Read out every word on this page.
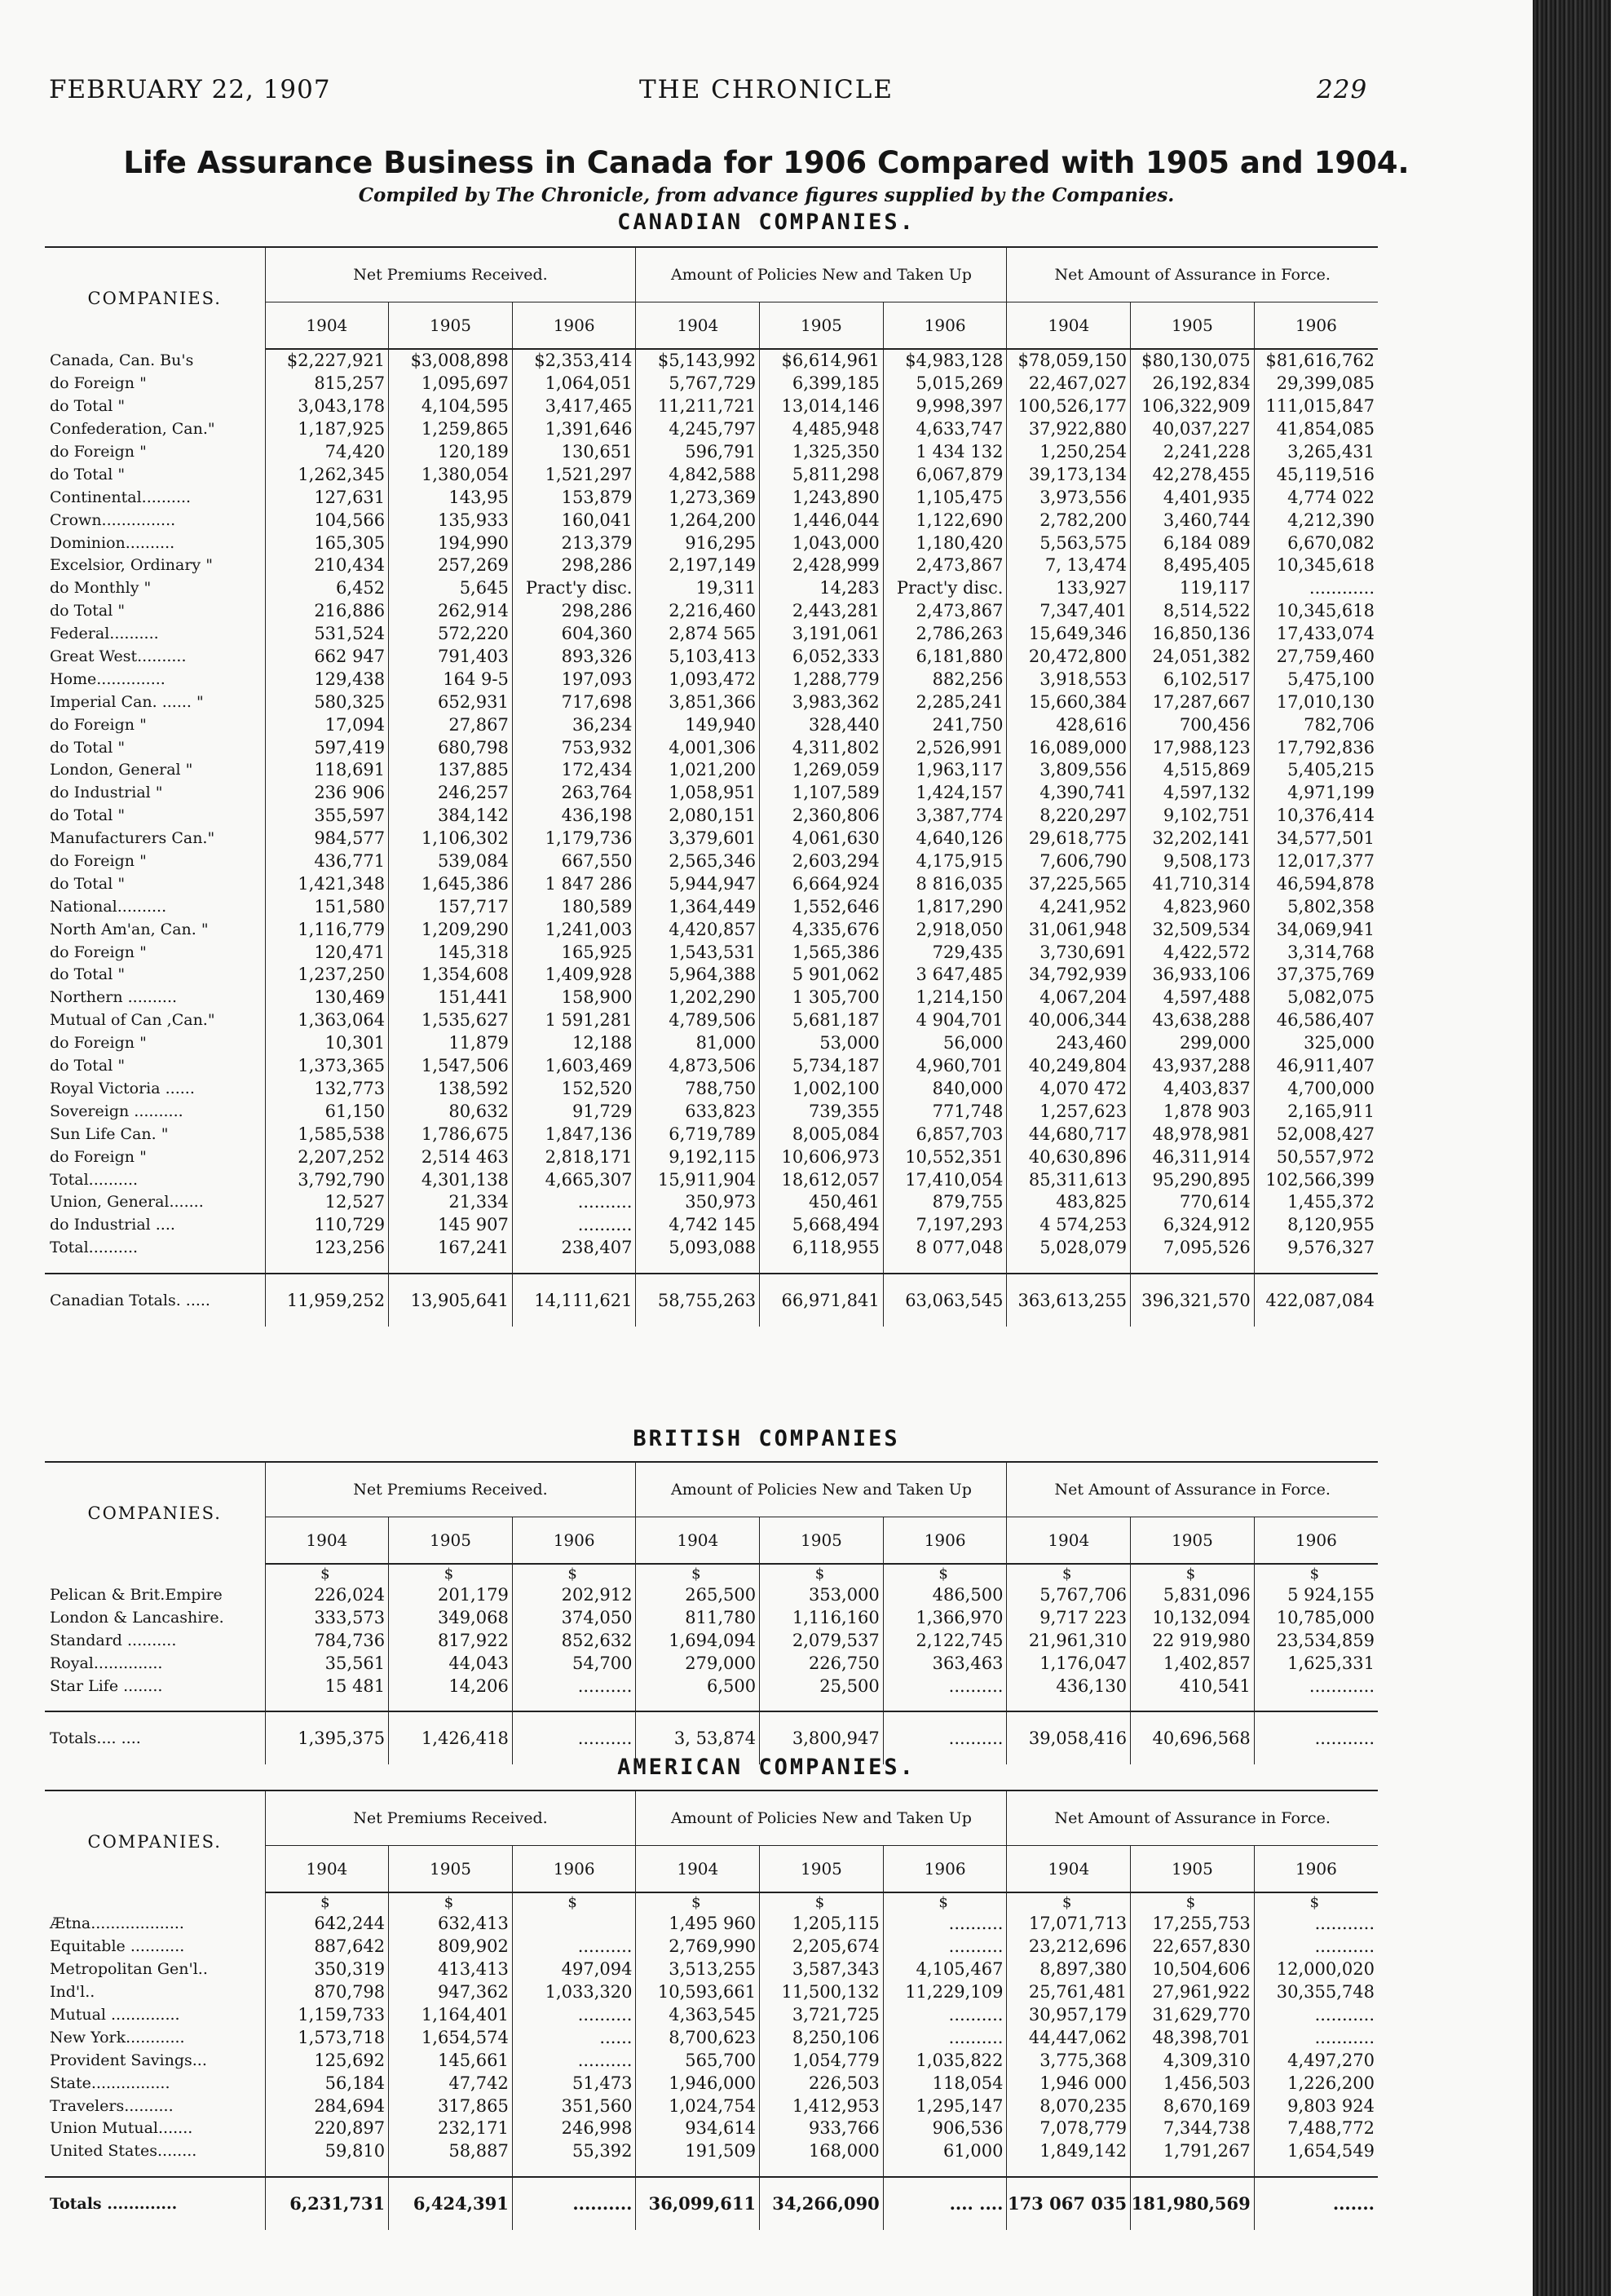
FEBRUARY 22, 1907	THE CHRONICLE	229
Life Assurance Business in Canada for 1906 Compared with 1905 and 1904.
Compiled by The Chronicle, from advance figures supplied by the Companies.
CANADIAN COMPANIES.
COMPANIES.	Net Premiums Received.			Amount of Policies New and Taken Up			Net Amount of Assurance in Force.		
	1904	1905	1906	1904	1905	1906	1904	1905	1906
Canada, Can. Bu's	$2,227,921	$3,008,898	$2,353,414	$5,143,992	$6,614,961	$4,983,128	$78,059,150	$80,130,075	$81,616,762
do Foreign "	815,257	1,095,697	1,064,051	5,767,729	6,399,185	5,015,269	22,467,027	26,192,834	29,399,085
do Total "	3,043,178	4,104,595	3,417,465	11,211,721	13,014,146	9,998,397	100,526,177	106,322,909	111,015,847
Confederation, Can."	1,187,925	1,259,865	1,391,646	4,245,797	4,485,948	4,633,747	37,922,880	40,037,227	41,854,085
do Foreign "	74,420	120,189	130,651	596,791	1,325,350	1 434 132	1,250,254	2,241,228	3,265,431
do Total "	1,262,345	1,380,054	1,521,297	4,842,588	5,811,298	6,067,879	39,173,134	42,278,455	45,119,516
Continental..........	127,631	143,95	153,879	1,273,369	1,243,890	1,105,475	3,973,556	4,401,935	4,774 022
Crown...............	104,566	135,933	160,041	1,264,200	1,446,044	1,122,690	2,782,200	3,460,744	4,212,390
Dominion..........	165,305	194,990	213,379	916,295	1,043,000	1,180,420	5,563,575	6,184 089	6,670,082
Excelsior, Ordinary "	210,434	257,269	298,286	2,197,149	2,428,999	2,473,867	7, 13,474	8,495,405	10,345,618
do Monthly "	6,452	5,645	Pract'y disc.	19,311	14,283	Pract'y disc.	133,927	119,117	............
do Total "	216,886	262,914	298,286	2,216,460	2,443,281	2,473,867	7,347,401	8,514,522	10,345,618
Federal..........	531,524	572,220	604,360	2,874 565	3,191,061	2,786,263	15,649,346	16,850,136	17,433,074
Great West..........	662 947	791,403	893,326	5,103,413	6,052,333	6,181,880	20,472,800	24,051,382	27,759,460
Home..............	129,438	164 9-5	197,093	1,093,472	1,288,779	882,256	3,918,553	6,102,517	5,475,100
Imperial Can. ...... "	580,325	652,931	717,698	3,851,366	3,983,362	2,285,241	15,660,384	17,287,667	17,010,130
do Foreign "	17,094	27,867	36,234	149,940	328,440	241,750	428,616	700,456	782,706
do Total "	597,419	680,798	753,932	4,001,306	4,311,802	2,526,991	16,089,000	17,988,123	17,792,836
London, General "	118,691	137,885	172,434	1,021,200	1,269,059	1,963,117	3,809,556	4,515,869	5,405,215
do Industrial "	236 906	246,257	263,764	1,058,951	1,107,589	1,424,157	4,390,741	4,597,132	4,971,199
do Total "	355,597	384,142	436,198	2,080,151	2,360,806	3,387,774	8,220,297	9,102,751	10,376,414
Manufacturers Can."	984,577	1,106,302	1,179,736	3,379,601	4,061,630	4,640,126	29,618,775	32,202,141	34,577,501
do Foreign "	436,771	539,084	667,550	2,565,346	2,603,294	4,175,915	7,606,790	9,508,173	12,017,377
do Total "	1,421,348	1,645,386	1 847 286	5,944,947	6,664,924	8 816,035	37,225,565	41,710,314	46,594,878
National..........	151,580	157,717	180,589	1,364,449	1,552,646	1,817,290	4,241,952	4,823,960	5,802,358
North Am'an, Can. "	1,116,779	1,209,290	1,241,003	4,420,857	4,335,676	2,918,050	31,061,948	32,509,534	34,069,941
do Foreign "	120,471	145,318	165,925	1,543,531	1,565,386	729,435	3,730,691	4,422,572	3,314,768
do Total "	1,237,250	1,354,608	1,409,928	5,964,388	5 901,062	3 647,485	34,792,939	36,933,106	37,375,769
Northern ..........	130,469	151,441	158,900	1,202,290	1 305,700	1,214,150	4,067,204	4,597,488	5,082,075
Mutual of Can ,Can."	1,363,064	1,535,627	1 591,281	4,789,506	5,681,187	4 904,701	40,006,344	43,638,288	46,586,407
do Foreign "	10,301	11,879	12,188	81,000	53,000	56,000	243,460	299,000	325,000
do Total "	1,373,365	1,547,506	1,603,469	4,873,506	5,734,187	4,960,701	40,249,804	43,937,288	46,911,407
Royal Victoria ......	132,773	138,592	152,520	788,750	1,002,100	840,000	4,070 472	4,403,837	4,700,000
Sovereign ..........	61,150	80,632	91,729	633,823	739,355	771,748	1,257,623	1,878 903	2,165,911
Sun Life Can. "	1,585,538	1,786,675	1,847,136	6,719,789	8,005,084	6,857,703	44,680,717	48,978,981	52,008,427
do Foreign "	2,207,252	2,514 463	2,818,171	9,192,115	10,606,973	10,552,351	40,630,896	46,311,914	50,557,972
Total..........	3,792,790	4,301,138	4,665,307	15,911,904	18,612,057	17,410,054	85,311,613	95,290,895	102,566,399
Union, General.......	12,527	21,334	..........	350,973	450,461	879,755	483,825	770,614	1,455,372
do Industrial ....	110,729	145 907	..........	4,742 145	5,668,494	7,197,293	4 574,253	6,324,912	8,120,955
Total..........	123,256	167,241	238,407	5,093,088	6,118,955	8 077,048	5,028,079	7,095,526	9,576,327

Canadian Totals. .....	11,959,252	13,905,641	14,111,621	58,755,263	66,971,841	63,063,545	363,613,255	396,321,570	422,087,084
BRITISH COMPANIES
COMPANIES.	Net Premiums Received.			Amount of Policies New and Taken Up			Net Amount of Assurance in Force.		
	1904	1905	1906	1904	1905	1906	1904	1905	1906
	$	$	$	$	$	$	$	$	$
Pelican & Brit.Empire	226,024	201,179	202,912	265,500	353,000	486,500	5,767,706	5,831,096	5 924,155
London & Lancashire.	333,573	349,068	374,050	811,780	1,116,160	1,366,970	9,717 223	10,132,094	10,785,000
Standard ..........	784,736	817,922	852,632	1,694,094	2,079,537	2,122,745	21,961,310	22 919,980	23,534,859
Royal..............	35,561	44,043	54,700	279,000	226,750	363,463	1,176,047	1,402,857	1,625,331
Star Life ........	15 481	14,206	..........	6,500	25,500	..........	436,130	410,541	............

Totals.... ....	1,395,375	1,426,418	..........	3, 53,874	3,800,947	..........	39,058,416	40,696,568	...........
AMERICAN COMPANIES.
COMPANIES.	Net Premiums Received.			Amount of Policies New and Taken Up			Net Amount of Assurance in Force.		
	1904	1905	1906	1904	1905	1906	1904	1905	1906
	$	$	$	$	$	$	$	$	$
Ætna...................	642,244	632,413		1,495 960	1,205,115	..........	17,071,713	17,255,753	...........
Equitable ...........	887,642	809,902	..........	2,769,990	2,205,674	..........	23,212,696	22,657,830	...........
Metropolitan Gen'l..	350,319	413,413	497,094	3,513,255	3,587,343	4,105,467	8,897,380	10,504,606	12,000,020
Ind'l..	870,798	947,362	1,033,320	10,593,661	11,500,132	11,229,109	25,761,481	27,961,922	30,355,748
Mutual ..............	1,159,733	1,164,401	..........	4,363,545	3,721,725	..........	30,957,179	31,629,770	...........
New York............	1,573,718	1,654,574	......	8,700,623	8,250,106	..........	44,447,062	48,398,701	...........
Provident Savings...	125,692	145,661	..........	565,700	1,054,779	1,035,822	3,775,368	4,309,310	4,497,270
State................	56,184	47,742	51,473	1,946,000	226,503	118,054	1,946 000	1,456,503	1,226,200
Travelers..........	284,694	317,865	351,560	1,024,754	1,412,953	1,295,147	8,070,235	8,670,169	9,803 924
Union Mutual.......	220,897	232,171	246,998	934,614	933,766	906,536	7,078,779	7,344,738	7,488,772
United States........	59,810	58,887	55,392	191,509	168,000	61,000	1,849,142	1,791,267	1,654,549

Totals .............	6,231,731	6,424,391	..........	36,099,611	34,266,090	.... ....	173 067 035	181,980,569	.......
